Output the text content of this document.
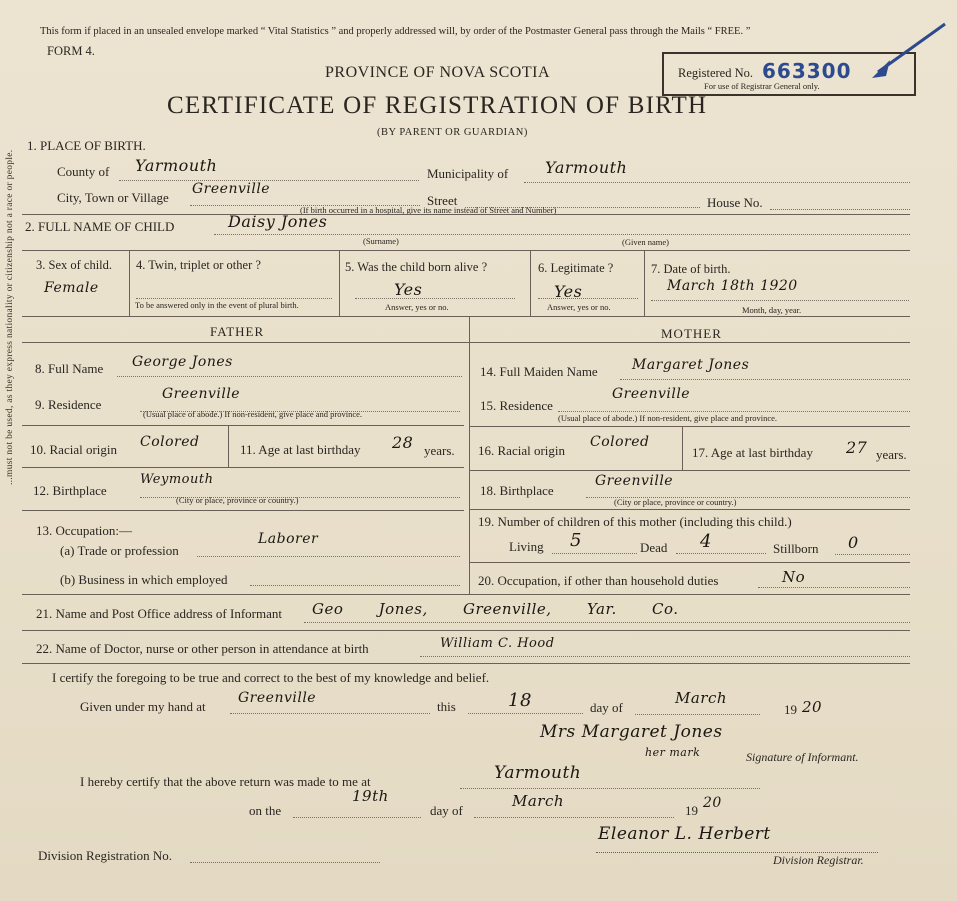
...must not be used, as they express nationality or citizenship not a race or people.
This form if placed in an unsealed envelope marked “ Vital Statistics ” and properly addressed will, by order of the Postmaster General pass through the Mails “ FREE. ”
FORM 4.
PROVINCE OF NOVA SCOTIA
CERTIFICATE OF REGISTRATION OF BIRTH
(BY PARENT OR GUARDIAN)
Registered No. 663300
For use of Registrar General only.
1. PLACE OF BIRTH.
County of Yarmouth	Municipality of Yarmouth
City, Town or Village
Greenville
Street
(If birth occurred in a hospital, give its name instead of Street and Number)	House No.
2. FULL NAME OF CHILD	Daisy Jones
(Surname)	(Given name)
3. Sex of child.
Female
4. Twin, triplet or other ?
To be answered only in the event of plural birth.
5. Was the child born alive ?
Yes
Answer, yes or no.
6. Legitimate ?
Yes
Answer, yes or no.
7. Date of birth.
March 18th 1920
Month, day, year.
FATHER	MOTHER
8. Full Name George Jones
9. Residence
Greenville
(Usual place of abode.) If non-resident, give place and province.
10. Racial origin Colored	11. Age at last birthday 28 years.
12. Birthplace
Weymouth
(City or place, province or country.)
13. Occupation:—
(a) Trade or profession
Laborer
(b) Business in which employed
14. Full Maiden Name Margaret Jones
15. Residence
Greenville
(Usual place of abode.) If non-resident, give place and province.
16. Racial origin
Colored
17. Age at last birthday 27 years.
18. Birthplace
Greenville
(City or place, province or country.)
19. Number of children of this mother (including this child.)
Living 5	Dead 4	Stillborn 0
20. Occupation, if other than household duties	No
21. Name and Post Office address of Informant Geo Jones, Greenville, Yar. Co.
22. Name of Doctor, nurse or other person in attendance at birth	William C. Hood
I certify the foregoing to be true and correct to the best of my knowledge and belief.
Given under my hand at
Greenville
this	18	day of
March
19 20
Mrs Margaret Jones
her mark	Signature of Informant.
I hereby certify that the above return was made to me at	Yarmouth
on the
19th
day of
March
19 20
Division Registration No.
Eleanor L. Herbert
Division Registrar.
